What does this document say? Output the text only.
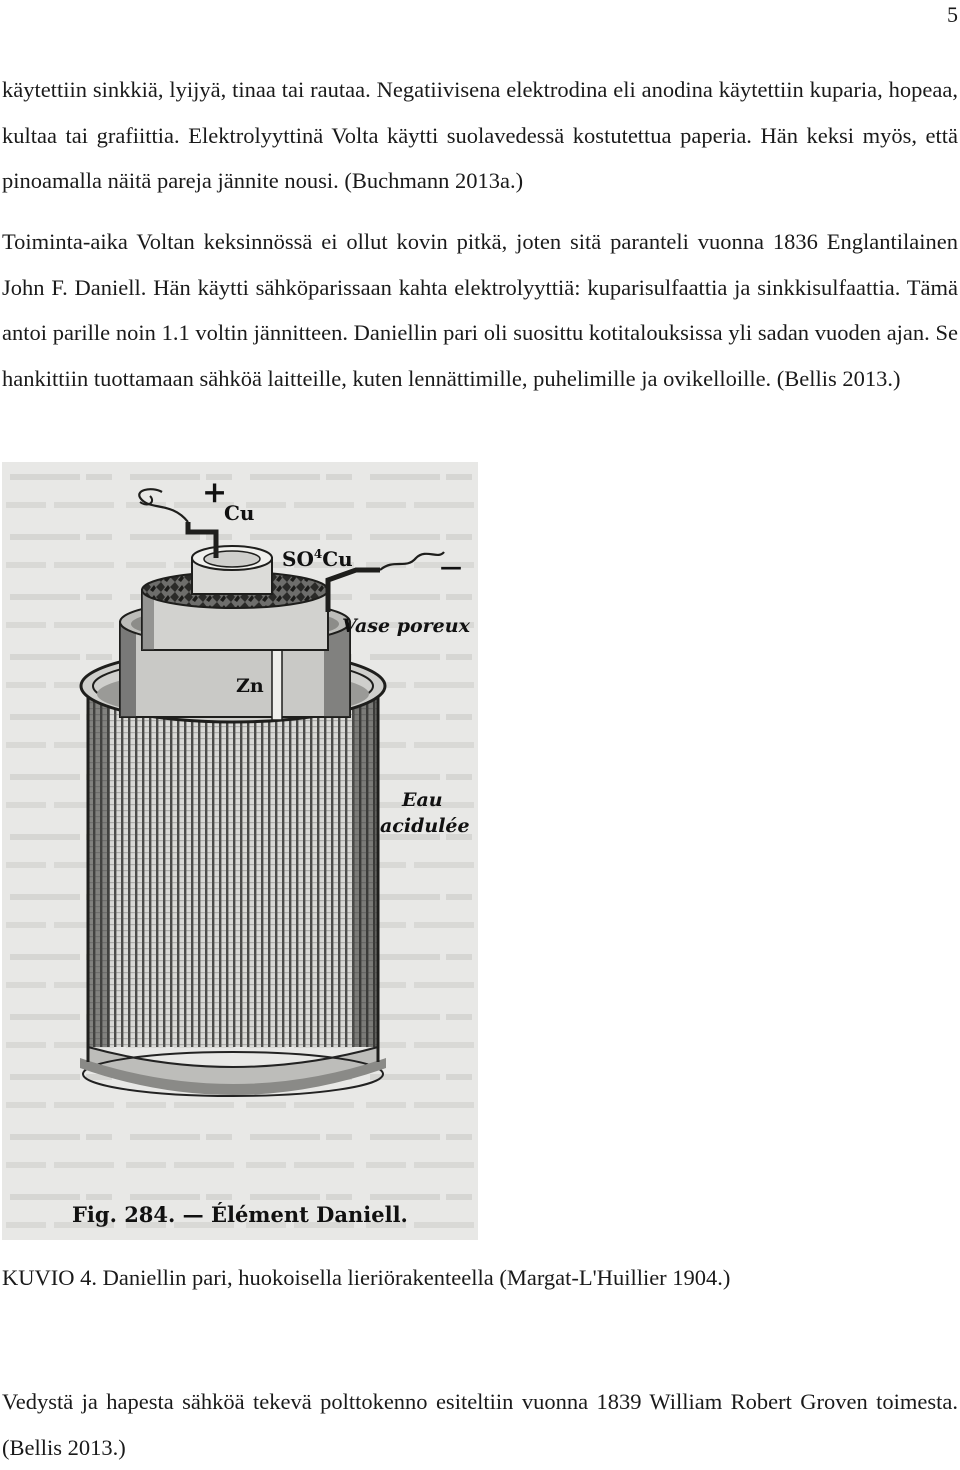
5

käytettiin sinkkiä, lyijyä, tinaa tai rautaa. Negatiivisena elektrodina eli anodina käytettiin kuparia, hopeaa, kultaa tai grafiittia. Elektrolyyttinä Volta käytti suolavedessä kostutettua paperia. Hän keksi myös, että pinoamalla näitä pareja jännite nousi. (Buchmann 2013a.)

Toiminta-aika Voltan keksinnössä ei ollut kovin pitkä, joten sitä paranteli vuonna 1836 Englantilainen John F. Daniell. Hän käytti sähköparissaan kahta elektrolyyttiä: kuparisulfaattia ja sinkkisulfaattia. Tämä antoi parille noin 1.1 voltin jännitteen. Daniellin pari oli suosittu kotitalouksissa yli sadan vuoden ajan. Se hankittiin tuottamaan sähköä laitteille, kuten lennättimille, puhelimille ja ovikelloille. (Bellis 2013.)

+
—
Cu
$SO^4Cu$
Vase poreux
Zn
Eau
acidulée
Fig. 284. — Élément Daniell.

KUVIO 4. Daniellin pari, huokoisella lieriörakenteella (Margat-L'Huillier 1904.)

Vedystä ja hapesta sähköä tekevä polttokenno esiteltiin vuonna 1839 William Robert Groven toimesta. (Bellis 2013.)
